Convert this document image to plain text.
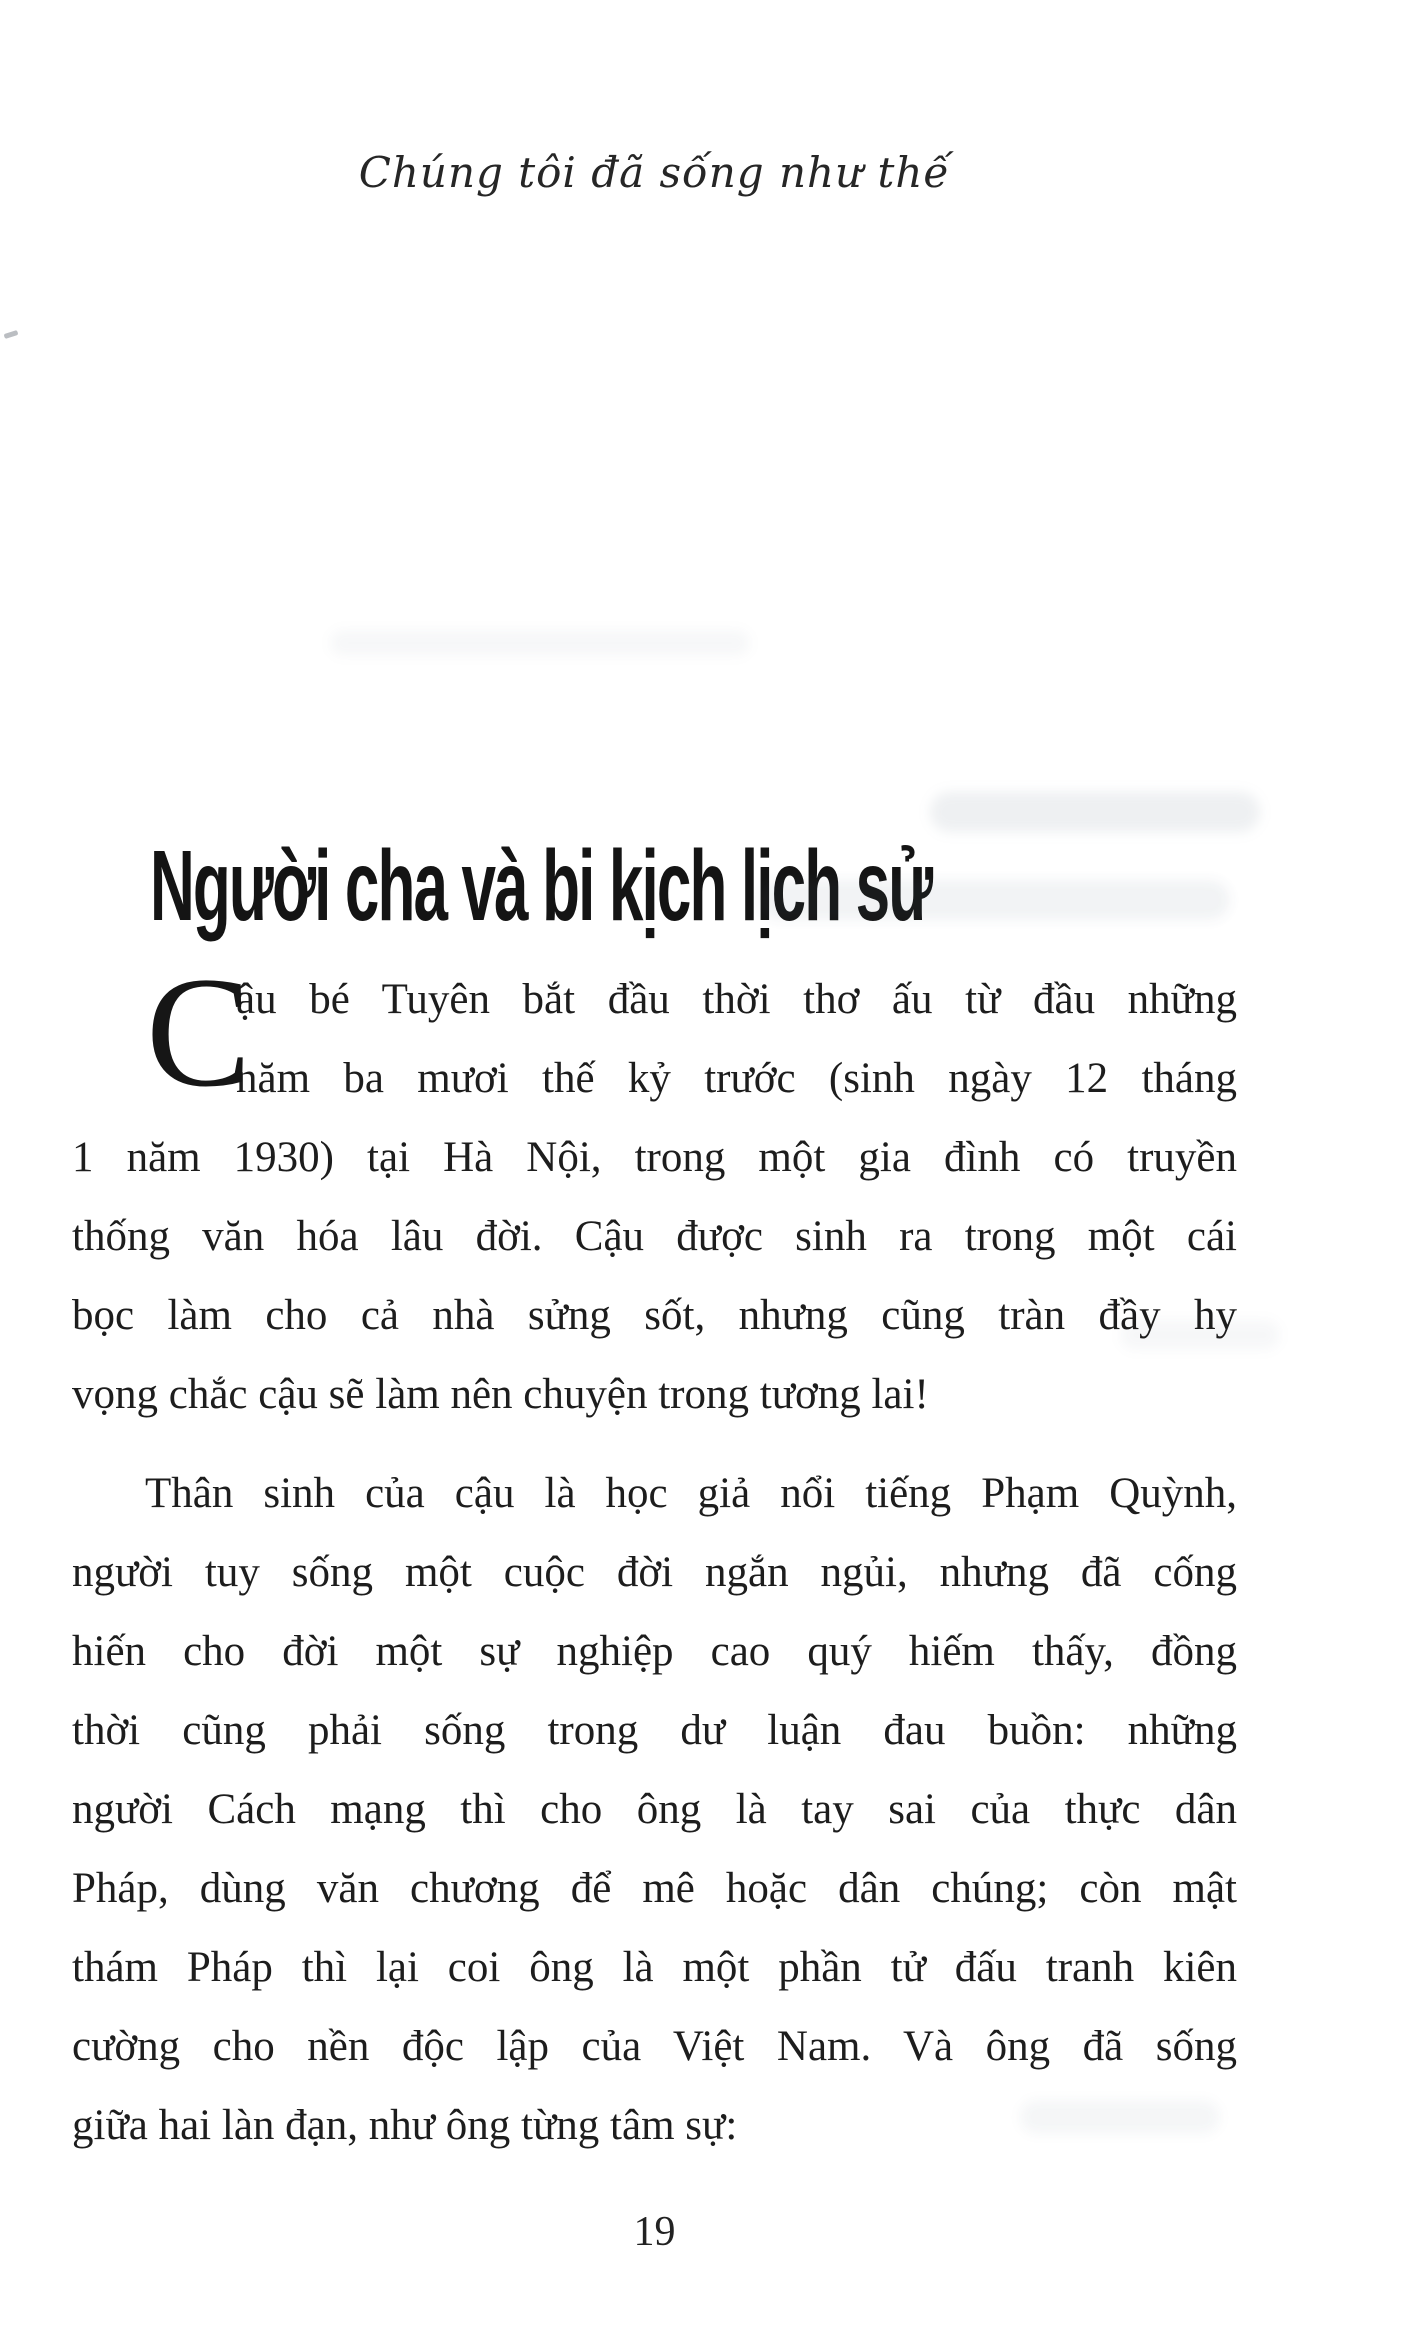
Chúng tôi đã sống như thế
Người cha và bi kịch lịch sử
C
ậu bé Tuyên bắt đầu thời thơ ấu từ đầu những
năm ba mươi thế kỷ trước (sinh ngày 12 tháng
1 năm 1930) tại Hà Nội, trong một gia đình có truyền
thống văn hóa lâu đời. Cậu được sinh ra trong một cái
bọc làm cho cả nhà sửng sốt, nhưng cũng tràn đầy hy
vọng chắc cậu sẽ làm nên chuyện trong tương lai!
Thân sinh của cậu là học giả nổi tiếng Phạm Quỳnh,
người tuy sống một cuộc đời ngắn ngủi, nhưng đã cống
hiến cho đời một sự nghiệp cao quý hiếm thấy, đồng
thời cũng phải sống trong dư luận đau buồn: những
người Cách mạng thì cho ông là tay sai của thực dân
Pháp, dùng văn chương để mê hoặc dân chúng; còn mật
thám Pháp thì lại coi ông là một phần tử đấu tranh kiên
cường cho nền độc lập của Việt Nam. Và ông đã sống
giữa hai làn đạn, như ông từng tâm sự:
19
